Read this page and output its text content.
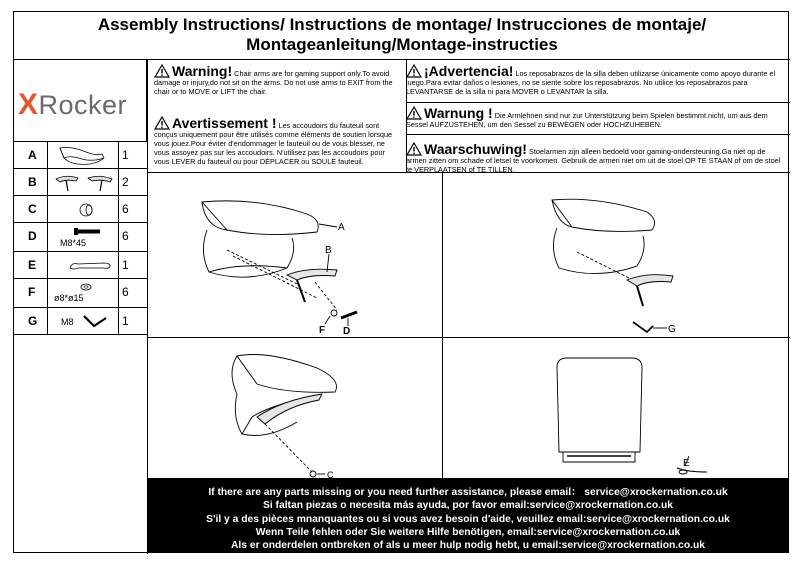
Assembly Instructions/ Instructions de montage/ Instrucciones de montaje/
Montageanleitung/Montage-instructies
XRocker
A	1
B	2
C	6
D	M8*45	6
E	1
F ø8*ø15	6
G	M8	1
Warning! Chair arms are for gaming support only.To avoid damage or injury,do not sit on the arms. Do not use arms to EXIT from the chair or to MOVE or LIFT the chair.
Avertissement ! Les accoudoirs du fauteuil sont conçus uniquement pour être utilisés comme éléments de soutien lorsque vous jouez.Pour éviter d'endommager le fauteuil ou de vous blesser, ne vous assoyez pas sur les accoudoirs. N'utilisez pas les accoudoirs pour vous LEVER du fauteuil ou pour DÉPLACER ou SOULE fauteuil.
¡Advertencia! Los reposabrazos de la silla deben utilizarse únicamente como apoyo durante el juego.Para evitar daños o lesiones, no se siente sobre los reposabrazos. No utilice los reposabrazos para LEVANTARSE de la silla ni para MOVER o LEVANTAR la silla.
Warnung ! Die Armlehnen sind nur zur Unterstützung beim Spielen bestimmt.nicht, um aus dem Sessel AUFZUSTEHEN, um den Sessel zu BEWEGEN oder HOCHZUHEBEN.
Waarschuwing! Stoelarmen zijn alleen bedoeld voor gaming-ondersteuning.Ga niet op de armen zitten om schade of letsel te voorkomen. Gebruik de armen niet om uit de stoel OP TE STAAN of om de stoel te VERPLAATSEN of TE TILLEN.
A
B
F D	G
C
E
If there are any parts missing or you need further assistance, please email： service@xrockernation.co.uk
Si faltan piezas o necesita más ayuda, por favor email:service@xrockernation.co.uk
S'il y a des pièces mnanquantes ou si vous avez besoin d'aide, veuillez email:service@xrockernation.co.uk
Wenn Teile fehlen oder Sie weitere Hilfe benötigen, email:service@xrockernation.co.uk
Als er onderdelen ontbreken of als u meer hulp nodig hebt, u email:service@xrockernation.co.uk
